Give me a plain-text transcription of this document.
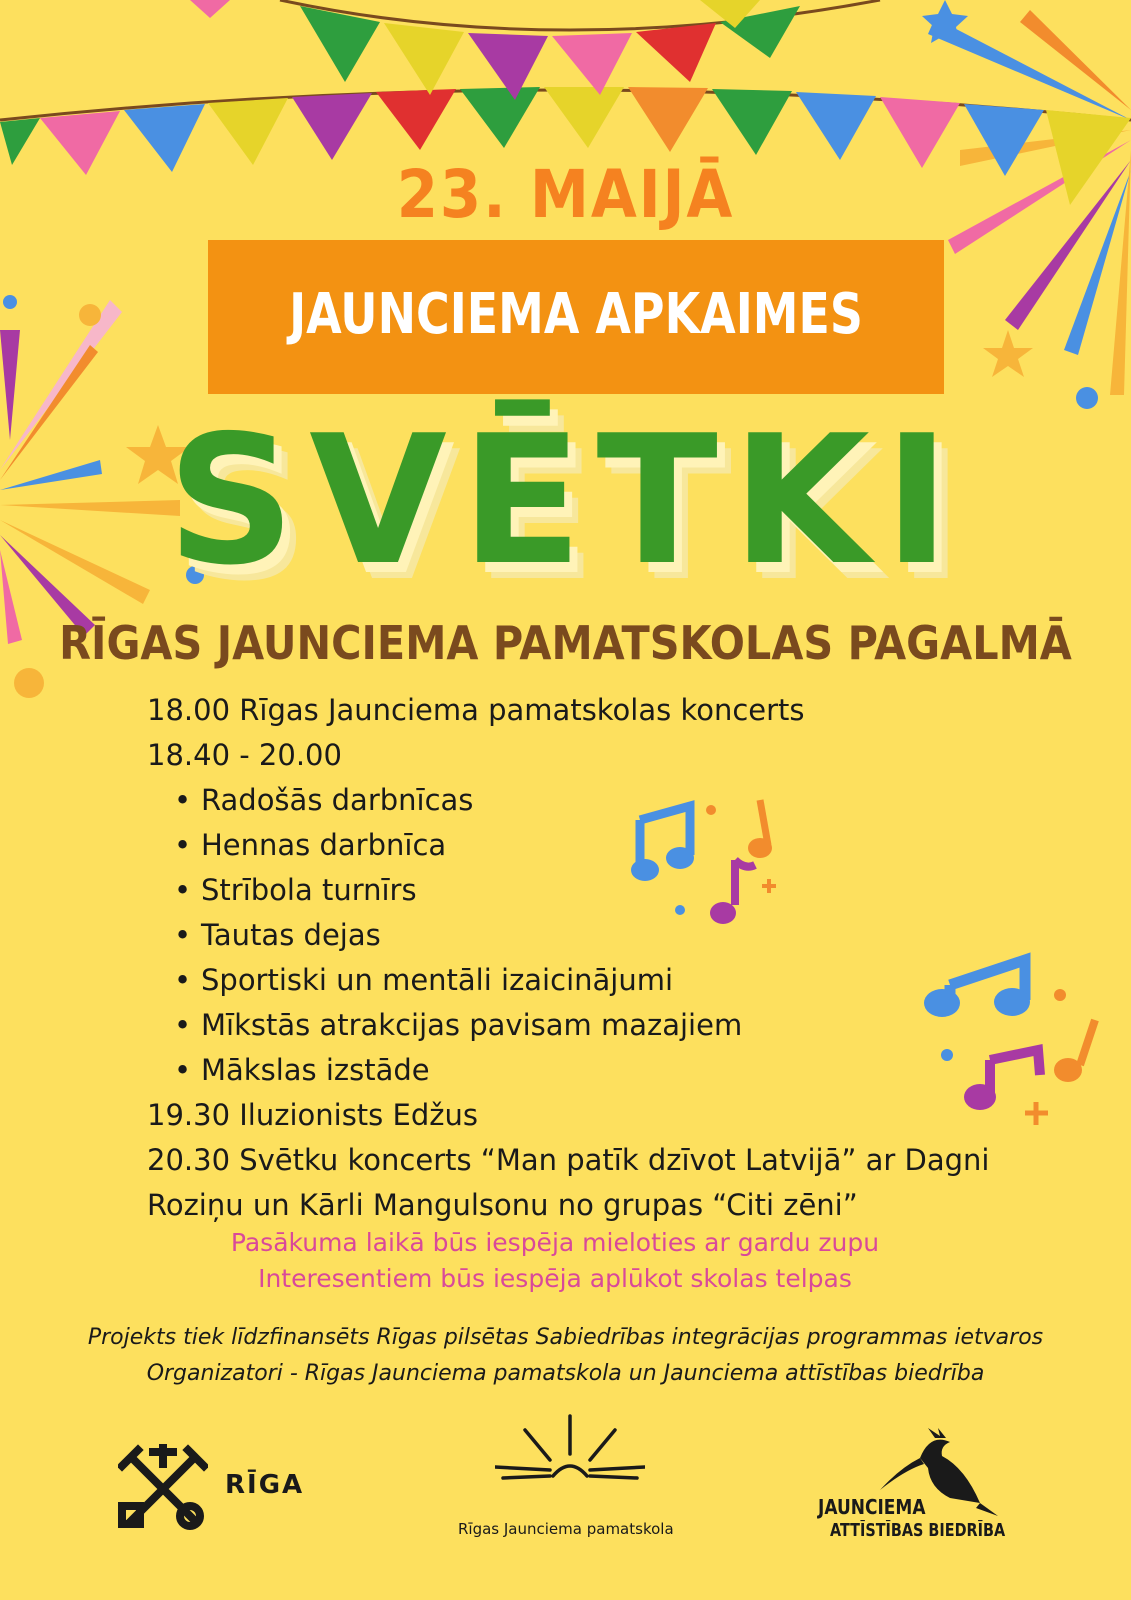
23. MAIJĀ
JAUNCIEMA APKAIMES
SVĒTKI
RĪGAS JAUNCIEMA PAMATSKOLAS PAGALMĀ
18.00 Rīgas Jaunciema pamatskolas koncerts
18.40 - 20.00
• Radošās darbnīcas
• Hennas darbnīca
• Strībola turnīrs
• Tautas dejas
• Sportiski un mentāli izaicinājumi
• Mīkstās atrakcijas pavisam mazajiem
• Mākslas izstāde
19.30 Iluzionists Edžus
20.30 Svētku koncerts “Man patīk dzīvot Latvijā” ar Dagni
Roziņu un Kārli Mangulsonu no grupas “Citi zēni”
Pasākuma laikā būs iespēja mieloties ar gardu zupu
Interesentiem būs iespēja aplūkot skolas telpas
Projekts tiek līdzfinansēts Rīgas pilsētas Sabiedrības integrācijas programmas ietvaros
Organizatori - Rīgas Jaunciema pamatskola un Jaunciema attīstības biedrība
RĪGA
Rīgas Jaunciema pamatskola
JAUNCIEMA
ATTĪSTĪBAS BIEDRĪBA
